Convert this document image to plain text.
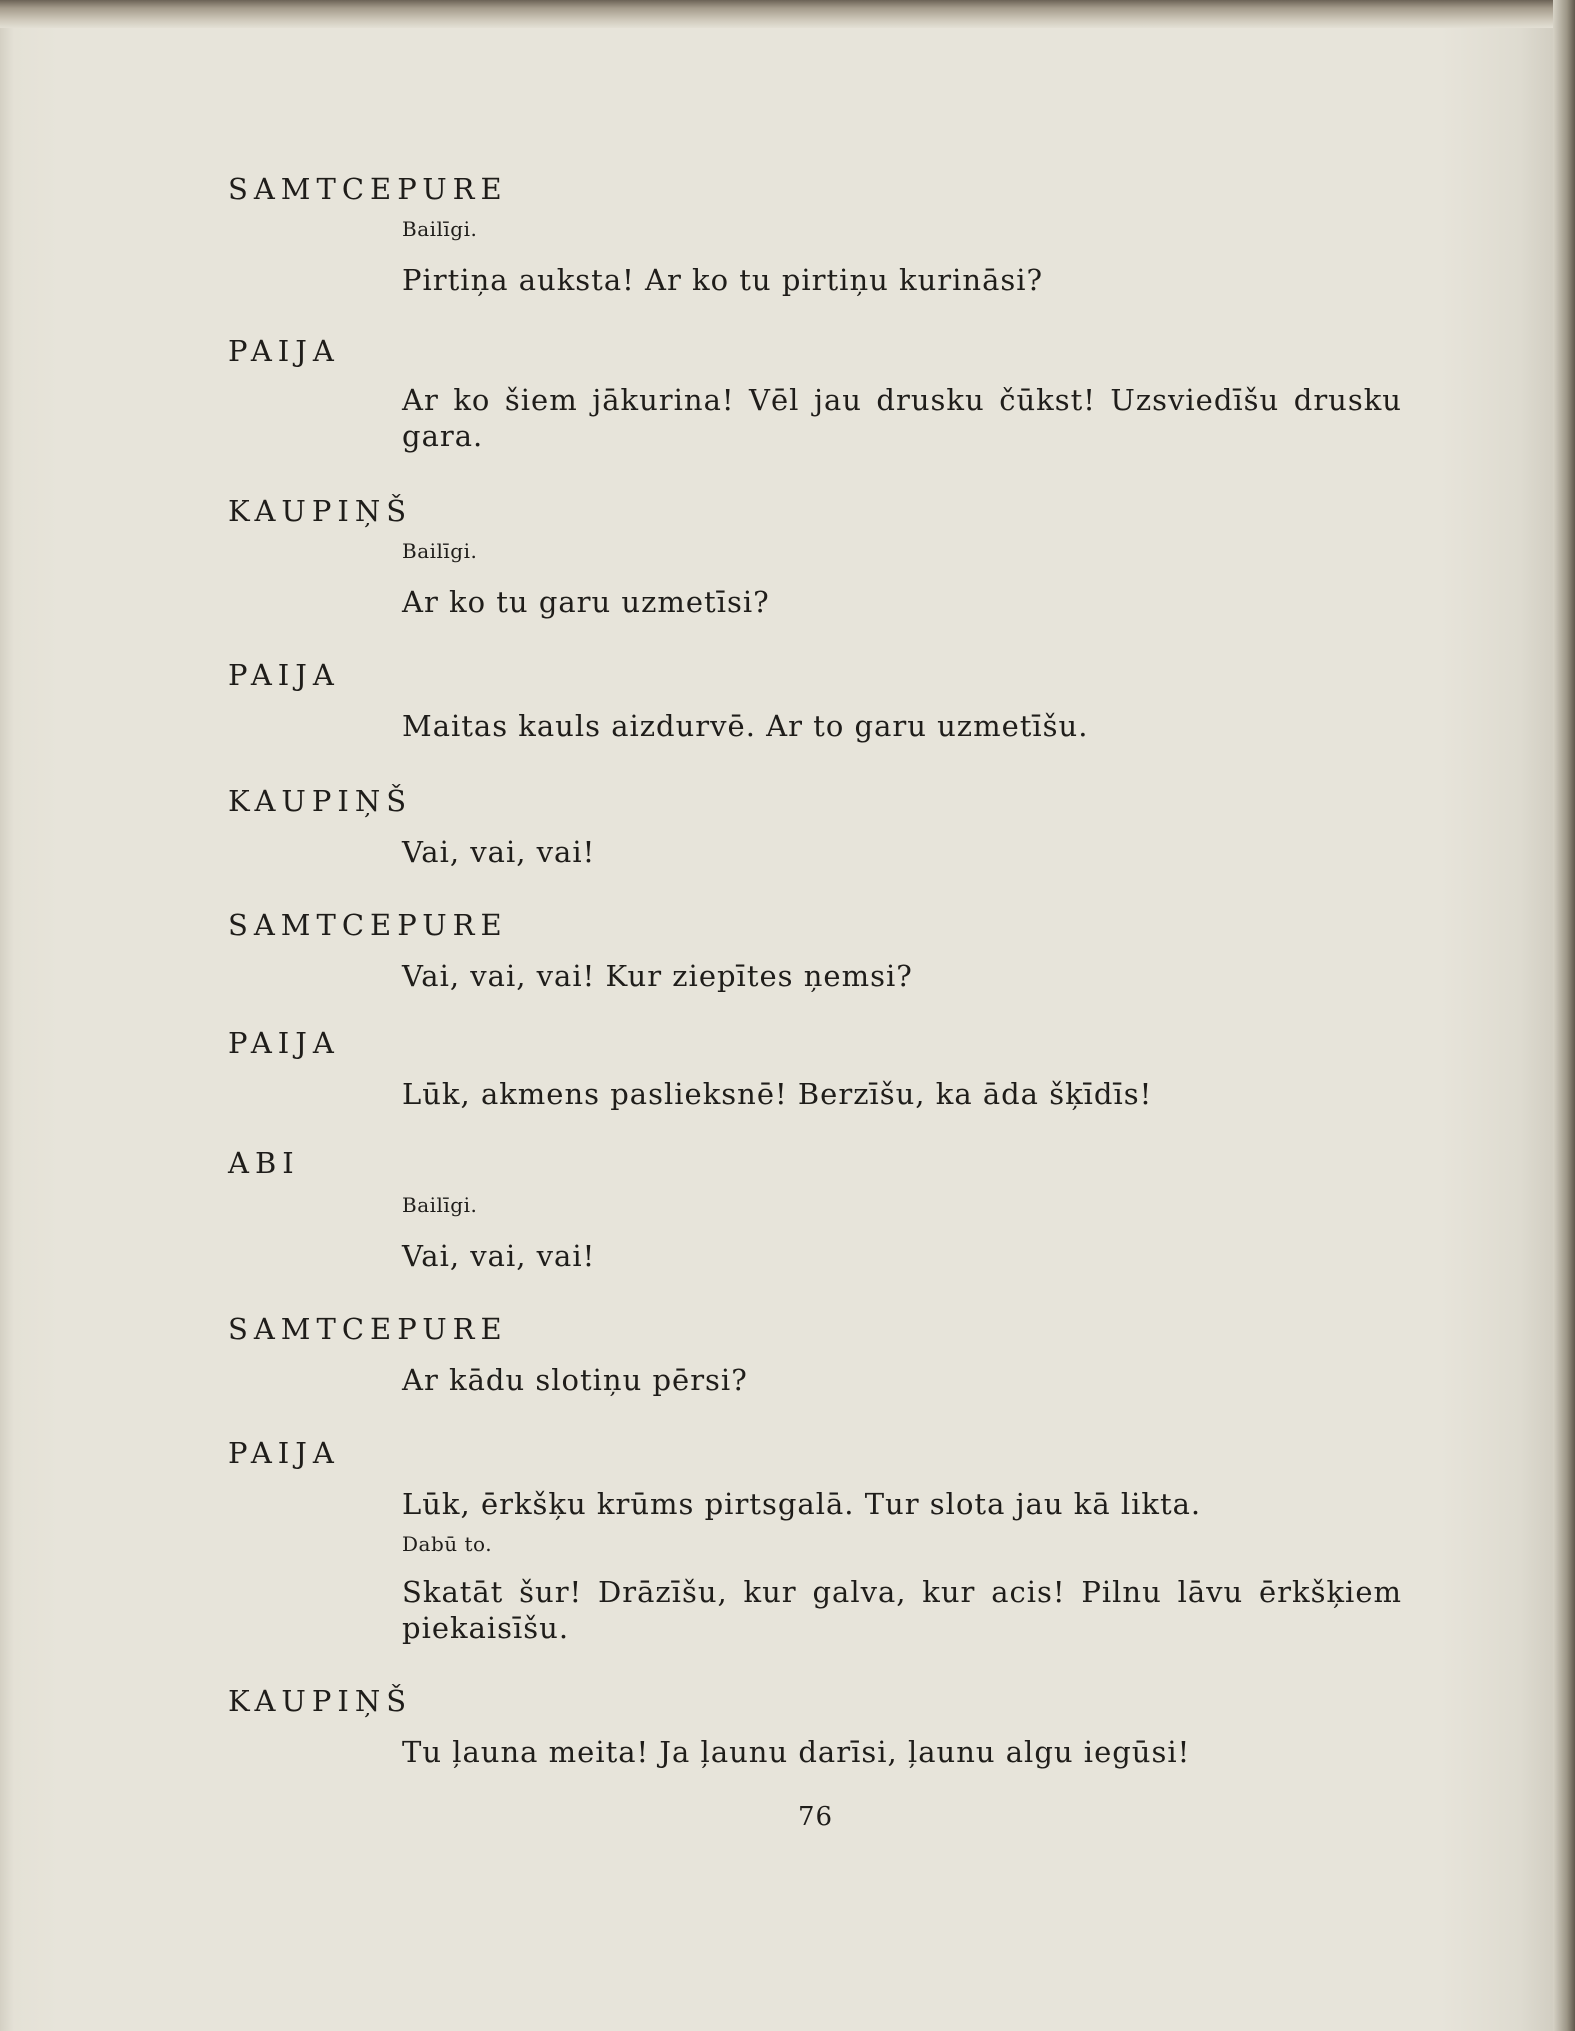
SAMTCEPURE
Bailīgi.
Pirtiņa auksta! Ar ko tu pirtiņu kurināsi?
PAIJA
Ar ko šiem jākurina! Vēl jau drusku čūkst! Uzsviedīšu drusku gara.
KAUPIŅŠ
Bailīgi.
Ar ko tu garu uzmetīsi?
PAIJA
Maitas kauls aizdurvē. Ar to garu uzmetīšu.
KAUPIŅŠ
Vai, vai, vai!
SAMTCEPURE
Vai, vai, vai! Kur ziepītes ņemsi?
PAIJA
Lūk, akmens paslieksnē! Berzīšu, ka āda šķīdīs!
ABI
Bailīgi.
Vai, vai, vai!
SAMTCEPURE
Ar kādu slotiņu pērsi?
PAIJA
Lūk, ērkšķu krūms pirtsgalā. Tur slota jau kā likta.
Dabū to.
Skatāt šur! Drāzīšu, kur galva, kur acis! Pilnu lāvu ērkšķiem piekaisīšu.
KAUPIŅŠ
Tu ļauna meita! Ja ļaunu darīsi, ļaunu algu iegūsi!
76
